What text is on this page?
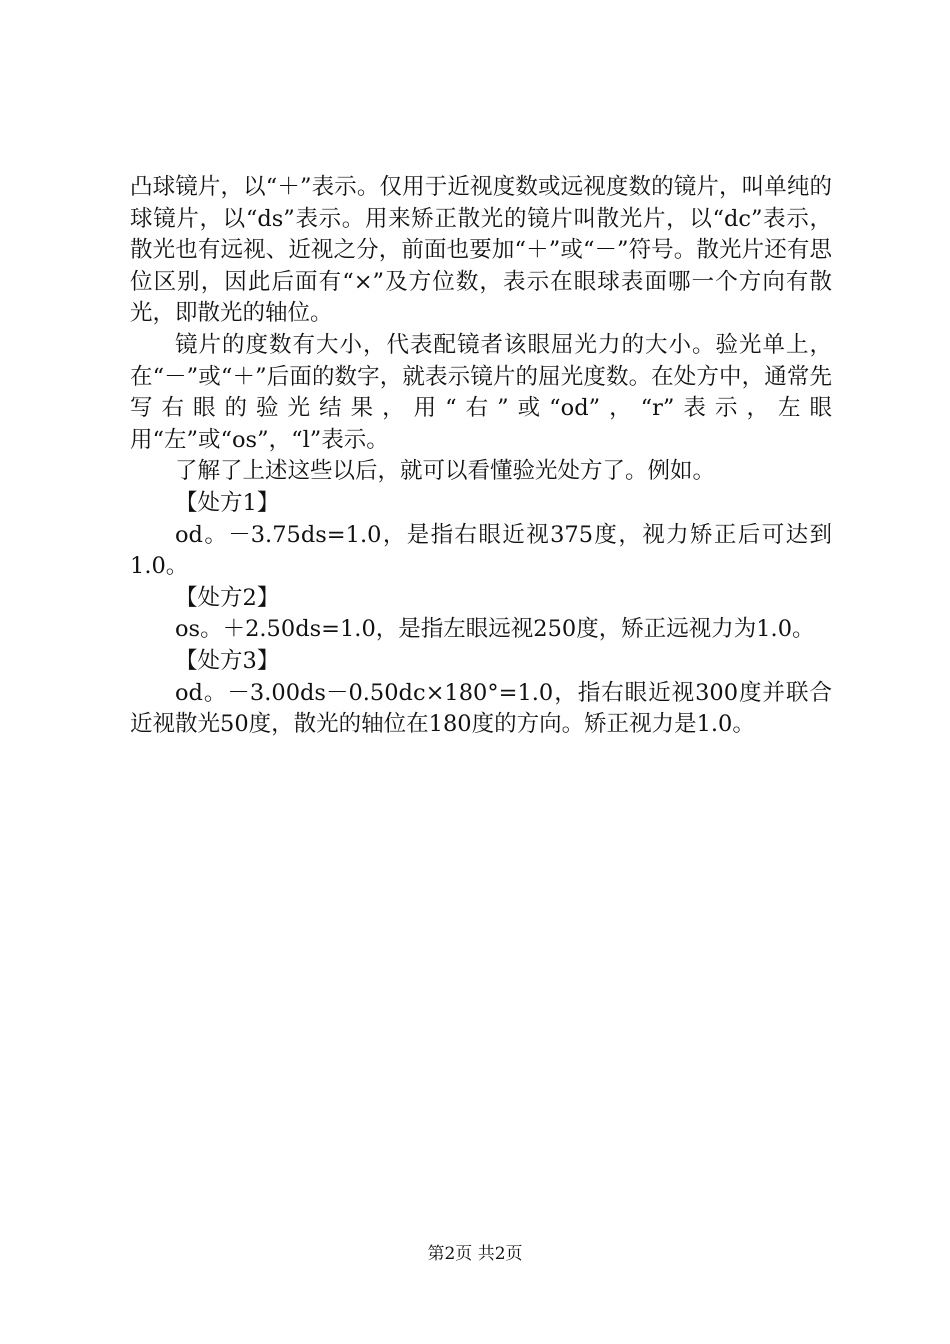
凸球镜片，以“＋”表示。仅用于近视度数或远视度数的镜片，叫单纯的球镜片，以“ds”表示。用来矫正散光的镜片叫散光片，以“dc”表示，散光也有远视、近视之分，前面也要加“＋”或“－”符号。散光片还有思位区别，因此后面有“×”及方位数，表示在眼球表面哪一个方向有散光，即散光的轴位。

镜片的度数有大小，代表配镜者该眼屈光力的大小。验光单上，在“－”或“＋”后面的数字，就表示镜片的屈光度数。在处方中，通常先写右眼的验光结果，用“右”或“od”，“r”表示，左眼用“左”或“os”，“l”表示。

了解了上述这些以后，就可以看懂验光处方了。例如。

【处方1】

od。－3.75ds=1.0，是指右眼近视375度，视力矫正后可达到1.0。

【处方2】

os。＋2.50ds=1.0，是指左眼远视250度，矫正远视力为1.0。

【处方3】

od。－3.00ds－0.50dc×180°=1.0，指右眼近视300度并联合近视散光50度，散光的轴位在180度的方向。矫正视力是1.0。

第2页 共2页
